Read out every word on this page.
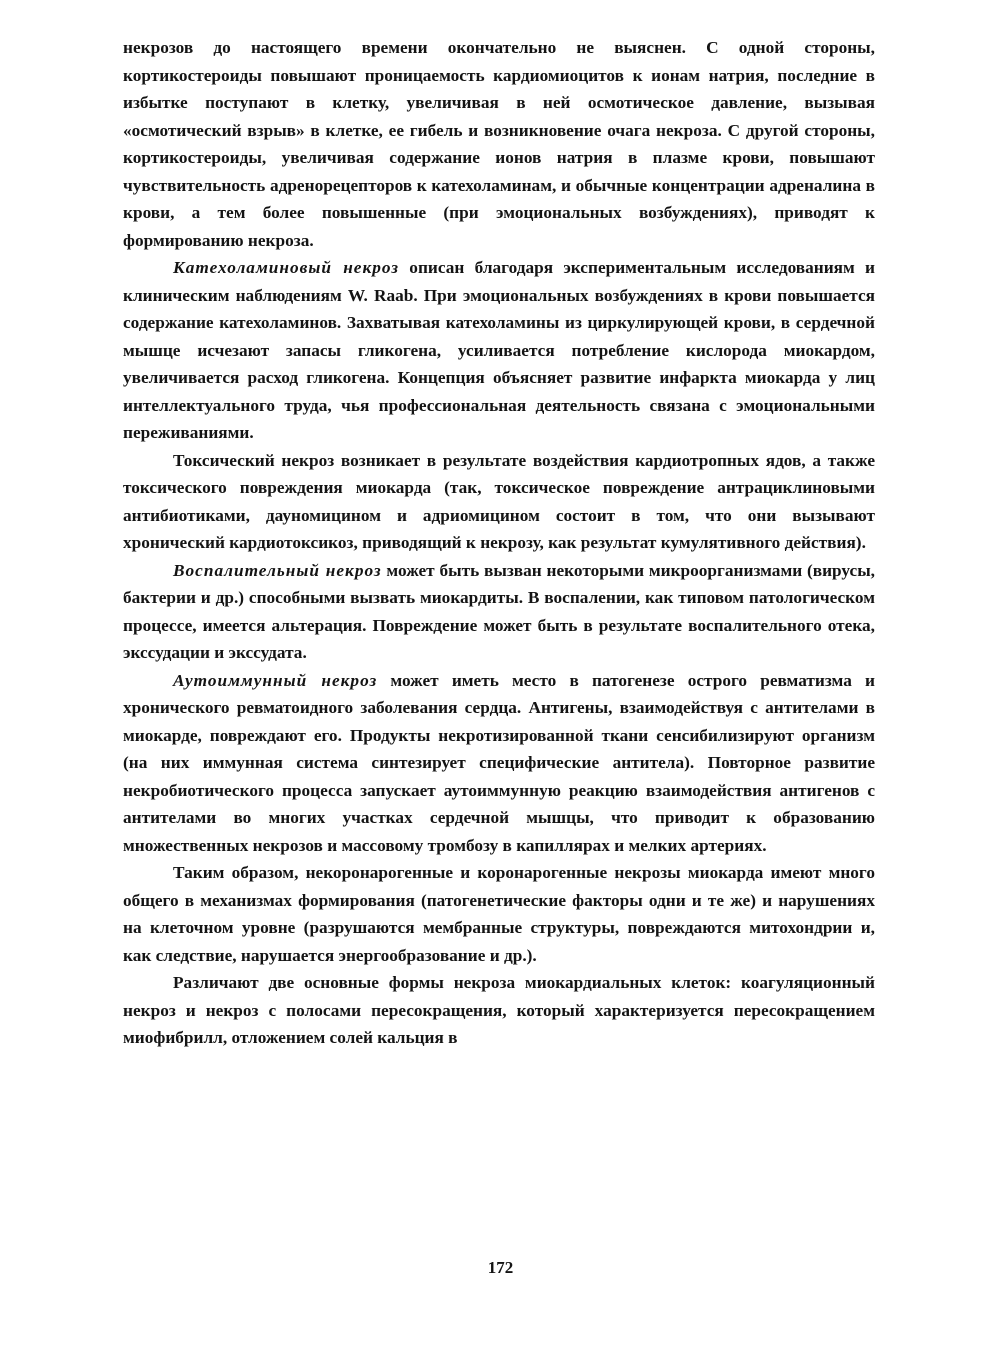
некрозов до настоящего времени окончательно не выяснен. С одной стороны, кортикостероиды повышают проницаемость кардиомиоцитов к ионам натрия, последние в избытке поступают в клетку, увеличивая в ней осмотическое давление, вызывая «осмотический взрыв» в клетке, ее гибель и возникновение очага некроза. С другой стороны, кортикостероиды, увеличивая содержание ионов натрия в плазме крови, повышают чувствительность адренорецепторов к катехоламинам, и обычные концентрации адреналина в крови, а тем более повышенные (при эмоциональных возбуждениях), приводят к формированию некроза.

Катехоламиновый некроз описан благодаря экспериментальным исследованиям и клиническим наблюдениям W. Raab. При эмоциональных возбуждениях в крови повышается содержание катехоламинов. Захватывая катехоламины из циркулирующей крови, в сердечной мышце исчезают запасы гликогена, усиливается потребление кислорода миокардом, увеличивается расход гликогена. Концепция объясняет развитие инфаркта миокарда у лиц интеллектуального труда, чья профессиональная деятельность связана с эмоциональными переживаниями.

Токсический некроз возникает в результате воздействия кардиотропных ядов, а также токсического повреждения миокарда (так, токсическое повреждение антрациклиновыми антибиотиками, дауномицином и адриомицином состоит в том, что они вызывают хронический кардиотоксикоз, приводящий к некрозу, как результат кумулятивного действия).

Воспалительный некроз может быть вызван некоторыми микроорганизмами (вирусы, бактерии и др.) способными вызвать миокардиты. В воспалении, как типовом патологическом процессе, имеется альтерация. Повреждение может быть в результате воспалительного отека, экссудации и экссудата.

Аутоиммунный некроз может иметь место в патогенезе острого ревматизма и хронического ревматоидного заболевания сердца. Антигены, взаимодействуя с антителами в миокарде, повреждают его. Продукты некротизированной ткани сенсибилизируют организм (на них иммунная система синтезирует специфические антитела). Повторное развитие некробиотического процесса запускает аутоиммунную реакцию взаимодействия антигенов с антителами во многих участках сердечной мышцы, что приводит к образованию множественных некрозов и массовому тромбозу в капиллярах и мелких артериях.

Таким образом, некоронарогенные и коронарогенные некрозы миокарда имеют много общего в механизмах формирования (патогенетические факторы одни и те же) и нарушениях на клеточном уровне (разрушаются мембранные структуры, повреждаются митохондрии и, как следствие, нарушается энергообразование и др.).

Различают две основные формы некроза миокардиальных клеток: коагуляционный некроз и некроз с полосами пересокращения, который характеризуется пересокращением миофибрилл, отложением солей кальция в

172
